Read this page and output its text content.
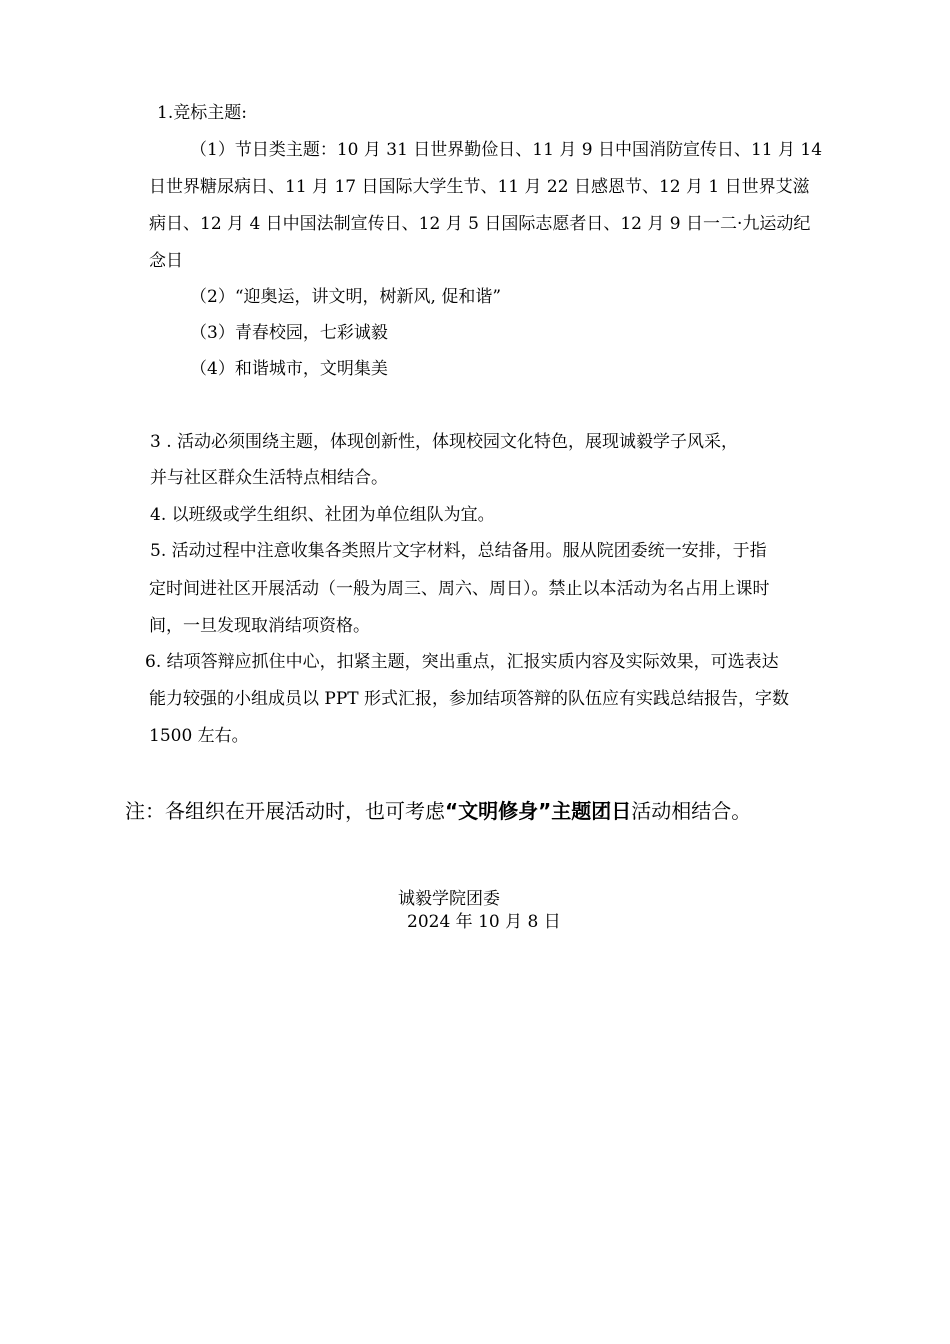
1.竞标主题:
（1）节日类主题：10 月 31 日世界勤俭日、11 月 9 日中国消防宣传日、11 月 14
日世界糖尿病日、11 月 17 日国际大学生节、11 月 22 日感恩节、12 月 1 日世界艾滋
病日、12 月 4 日中国法制宣传日、12 月 5 日国际志愿者日、12 月 9 日一二·九运动纪
念日
（2）“迎奥运，讲文明，树新风, 促和谐”
（3）青春校园，七彩诚毅
（4）和谐城市，文明集美
3 . 活动必须围绕主题，体现创新性，体现校园文化特色，展现诚毅学子风采，
并与社区群众生活特点相结合。
4. 以班级或学生组织、社团为单位组队为宜。
5. 活动过程中注意收集各类照片文字材料，总结备用。服从院团委统一安排，于指
定时间进社区开展活动（一般为周三、周六、周日）。禁止以本活动为名占用上课时
间，一旦发现取消结项资格。
6. 结项答辩应抓住中心，扣紧主题，突出重点，汇报实质内容及实际效果，可选表达
能力较强的小组成员以 PPT 形式汇报，参加结项答辩的队伍应有实践总结报告，字数
1500 左右。
注：各组织在开展活动时，也可考虑“文明修身”主题团日活动相结合。
诚毅学院团委
2024 年 10 月 8 日
